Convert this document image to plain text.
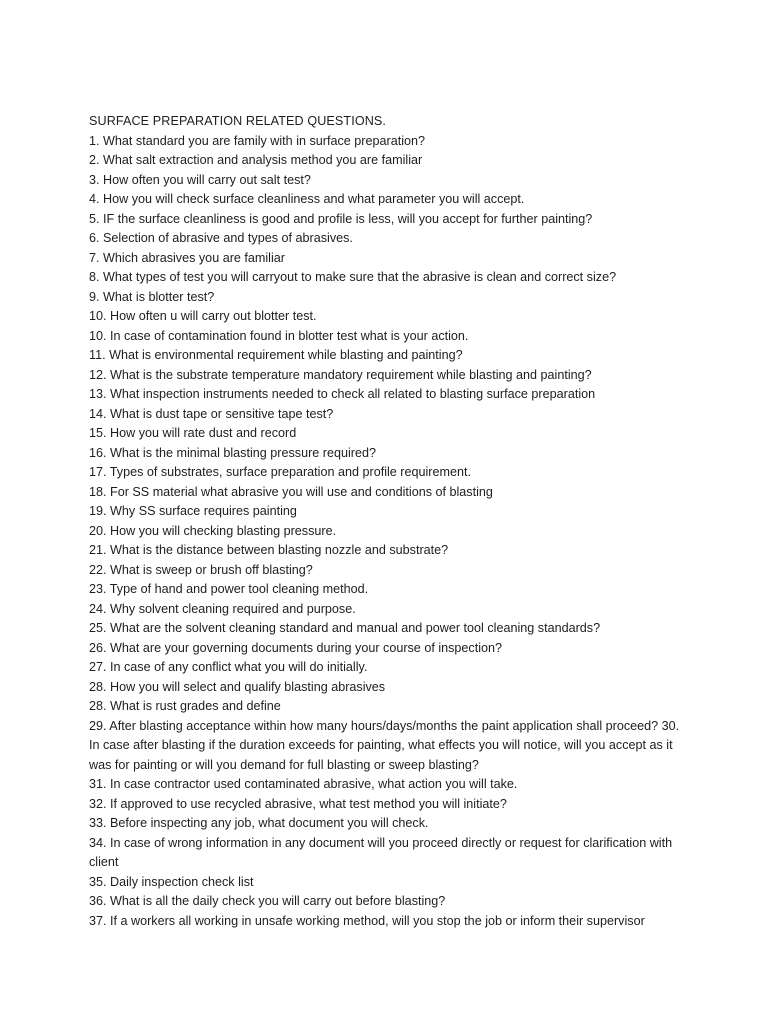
SURFACE PREPARATION RELATED QUESTIONS.
1. What standard you are family with in surface preparation?
2. What salt extraction and analysis method you are familiar
3. How often you will carry out salt test?
4. How you will check surface cleanliness and what parameter you will accept.
5. IF the surface cleanliness is good and profile is less, will you accept for further painting?
6. Selection of abrasive and types of abrasives.
7. Which abrasives you are familiar
8. What types of test you will carryout to make sure that the abrasive is clean and correct size?
9. What is blotter test?
10. How often u will carry out blotter test.
10. In case of contamination found in blotter test what is your action.
11. What is environmental requirement while blasting and painting?
12. What is the substrate temperature mandatory requirement while blasting and painting?
13. What inspection instruments needed to check all related to blasting surface preparation
14. What is dust tape or sensitive tape test?
15. How you will rate dust and record
16. What is the minimal blasting pressure required?
17. Types of substrates, surface preparation and profile requirement.
18. For SS material what abrasive you will use and conditions of blasting
19. Why SS surface requires painting
20. How you will checking blasting pressure.
21. What is the distance between blasting nozzle and substrate?
22. What is sweep or brush off blasting?
23. Type of hand and power tool cleaning method.
24. Why solvent cleaning required and purpose.
25. What are the solvent cleaning standard and manual and power tool cleaning standards?
26. What are your governing documents during your course of inspection?
27. In case of any conflict what you will do initially.
28. How you will select and qualify blasting abrasives
28. What is rust grades and define
29. After blasting acceptance within how many hours/days/months the paint application shall proceed? 30. In case after blasting if the duration exceeds for painting, what effects you will notice, will you accept as it was for painting or will you demand for full blasting or sweep blasting?
31. In case contractor used contaminated abrasive, what action you will take.
32. If approved to use recycled abrasive, what test method you will initiate?
33. Before inspecting any job, what document you will check.
34. In case of wrong information in any document will you proceed directly or request for clarification with client
35. Daily inspection check list
36. What is all the daily check you will carry out before blasting?
37. If a workers all working in unsafe working method, will you stop the job or inform their supervisor
